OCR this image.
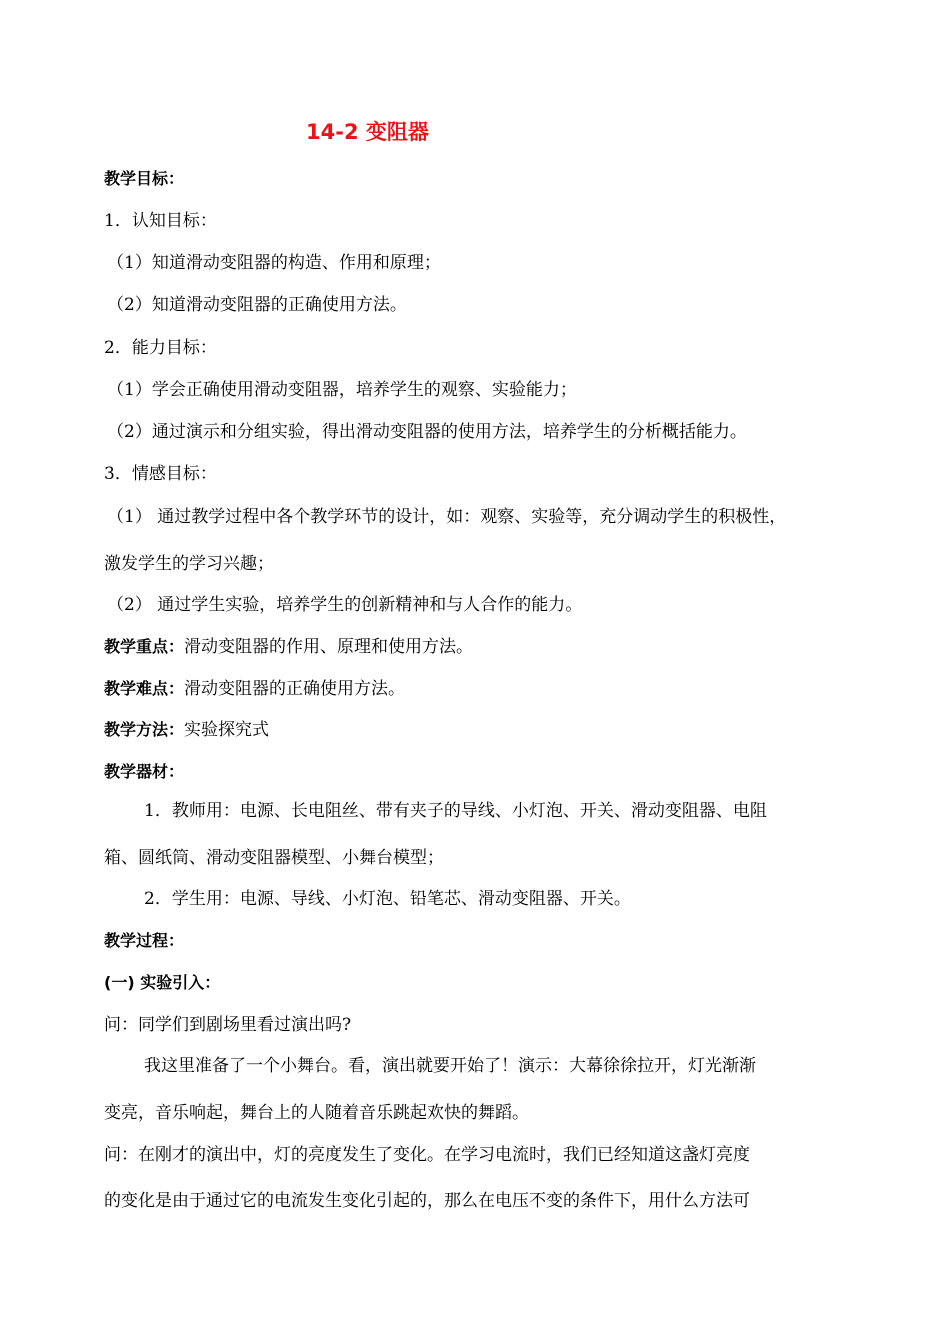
14-2 变阻器
教学目标：
1．认知目标：
（1）知道滑动变阻器的构造、作用和原理；
（2）知道滑动变阻器的正确使用方法。
2．能力目标：
（1）学会正确使用滑动变阻器，培养学生的观察、实验能力；
（2）通过演示和分组实验，得出滑动变阻器的使用方法，培养学生的分析概括能力。
3．情感目标：
（1） 通过教学过程中各个教学环节的设计，如：观察、实验等，充分调动学生的积极性，
激发学生的学习兴趣；
（2） 通过学生实验，培养学生的创新精神和与人合作的能力。
教学重点：滑动变阻器的作用、原理和使用方法。
教学难点：滑动变阻器的正确使用方法。
教学方法：实验探究式
教学器材：
1．教师用：电源、长电阻丝、带有夹子的导线、小灯泡、开关、滑动变阻器、电阻
箱、圆纸筒、滑动变阻器模型、小舞台模型；
2．学生用：电源、导线、小灯泡、铅笔芯、滑动变阻器、开关。
教学过程：
(一) 实验引入：
问：同学们到剧场里看过演出吗?
我这里准备了一个小舞台。看，演出就要开始了！演示：大幕徐徐拉开，灯光渐渐
变亮，音乐响起，舞台上的人随着音乐跳起欢快的舞蹈。
问：在刚才的演出中，灯的亮度发生了变化。在学习电流时，我们已经知道这盏灯亮度
的变化是由于通过它的电流发生变化引起的，那么在电压不变的条件下，用什么方法可
